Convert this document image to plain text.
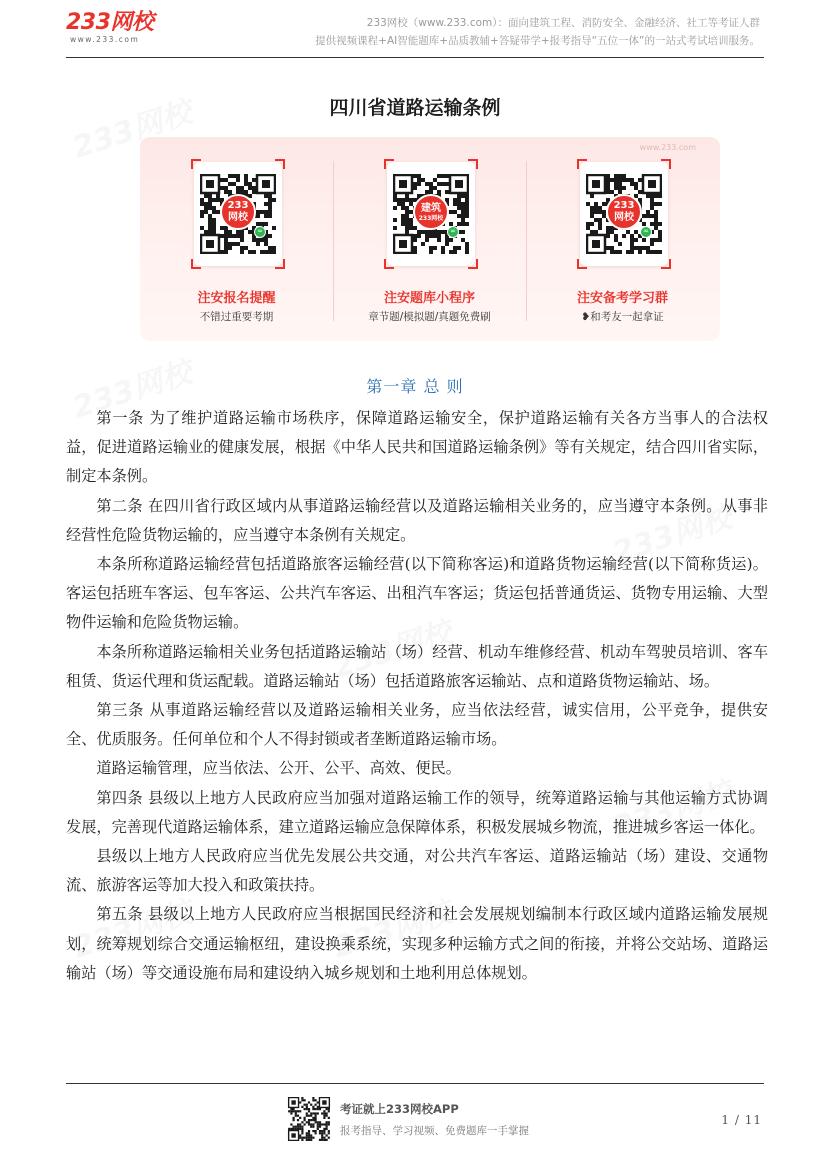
233网校
www.233.com
233网校（www.233.com）：面向建筑工程、消防安全、金融经济、社工等考证人群
提供视频课程+AI智能题库+品质教辅+答疑带学+报考指导“五位一体”的一站式考试培训服务。
四川省道路运输条例
www.233.com
233
网校
∞
注安报名提醒
不错过重要考期
建筑
233网校
∞
注安题库小程序
章节题/模拟题/真题免费刷
233
网校
∞
注安备考学习群
❥和考友一起拿证
第一章 总 则

第一条 为了维护道路运输市场秩序，保障道路运输安全，保护道路运输有关各方当事人的合法权益，促进道路运输业的健康发展，根据《中华人民共和国道路运输条例》等有关规定，结合四川省实际，制定本条例。

第二条 在四川省行政区域内从事道路运输经营以及道路运输相关业务的，应当遵守本条例。从事非经营性危险货物运输的，应当遵守本条例有关规定。

本条所称道路运输经营包括道路旅客运输经营(以下简称客运)和道路货物运输经营(以下简称货运)。客运包括班车客运、包车客运、公共汽车客运、出租汽车客运；货运包括普通货运、货物专用运输、大型物件运输和危险货物运输。

本条所称道路运输相关业务包括道路运输站（场）经营、机动车维修经营、机动车驾驶员培训、客车租赁、货运代理和货运配载。道路运输站（场）包括道路旅客运输站、点和道路货物运输站、场。

第三条 从事道路运输经营以及道路运输相关业务，应当依法经营，诚实信用，公平竞争，提供安全、优质服务。任何单位和个人不得封锁或者垄断道路运输市场。

道路运输管理，应当依法、公开、公平、高效、便民。

第四条 县级以上地方人民政府应当加强对道路运输工作的领导，统筹道路运输与其他运输方式协调发展，完善现代道路运输体系，建立道路运输应急保障体系，积极发展城乡物流，推进城乡客运一体化。

县级以上地方人民政府应当优先发展公共交通，对公共汽车客运、道路运输站（场）建设、交通物流、旅游客运等加大投入和政策扶持。

第五条 县级以上地方人民政府应当根据国民经济和社会发展规划编制本行政区域内道路运输发展规划，统筹规划综合交通运输枢纽，建设换乘系统，实现多种运输方式之间的衔接，并将公交站场、道路运输站（场）等交通设施布局和建设纳入城乡规划和土地利用总体规划。

考证就上233网校APP
报考指导、学习视频、免费题库一手掌握
1 / 11
